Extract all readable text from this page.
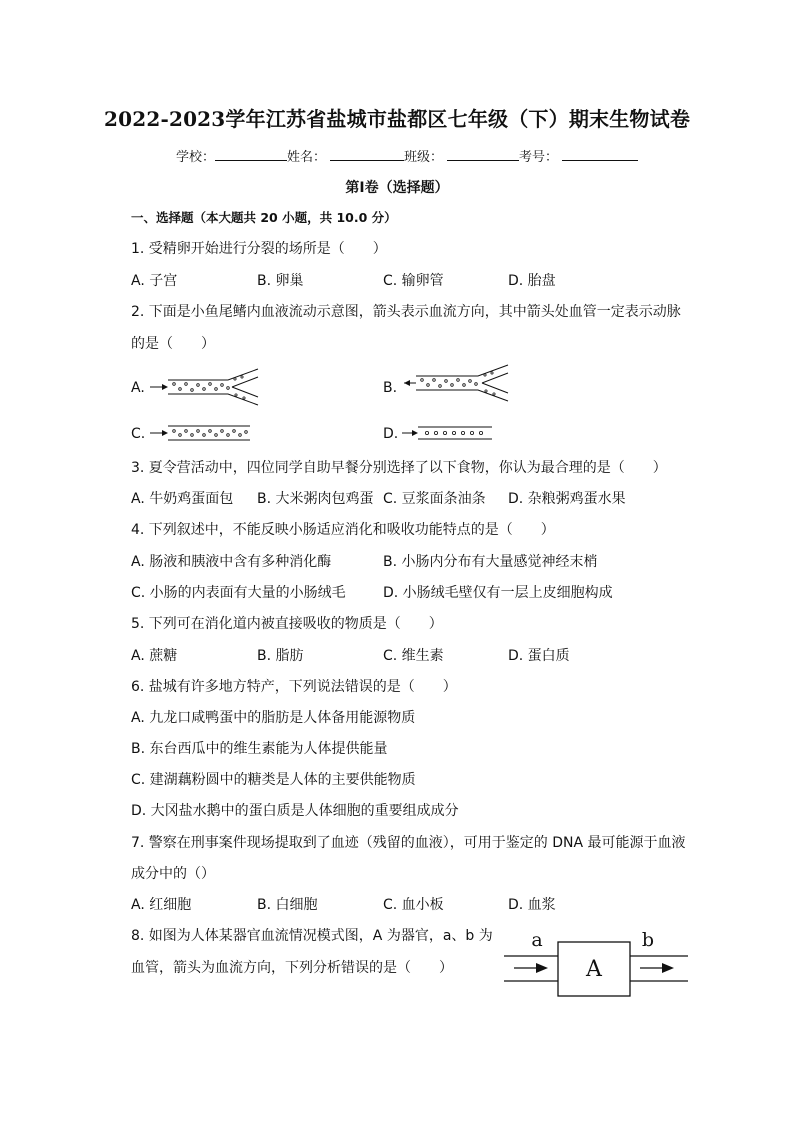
2022-2023学年江苏省盐城市盐都区七年级（下）期末生物试卷
学校：	姓名：	班级：	考号：
第I卷（选择题）
一、选择题（本大题共 20 小题，共 10.0 分）
1. 受精卵开始进行分裂的场所是（　　）
A. 子宫	B. 卵巢	C. 输卵管	D. 胎盘
2. 下面是小鱼尾鳍内血液流动示意图，箭头表示血流方向，其中箭头处血管一定表示动脉
的是（　　）
A.	B.
C.	D.
3. 夏令营活动中，四位同学自助早餐分别选择了以下食物，你认为最合理的是（　　）
A. 牛奶鸡蛋面包 B. 大米粥肉包鸡蛋 C. 豆浆面条油条 D. 杂粮粥鸡蛋水果
4. 下列叙述中，不能反映小肠适应消化和吸收功能特点的是（　　）
A. 肠液和胰液中含有多种消化酶	B. 小肠内分布有大量感觉神经末梢
C. 小肠的内表面有大量的小肠绒毛	D. 小肠绒毛壁仅有一层上皮细胞构成
5. 下列可在消化道内被直接吸收的物质是（　　）
A. 蔗糖	B. 脂肪	C. 维生素	D. 蛋白质
6. 盐城有许多地方特产，下列说法错误的是（　　）
A. 九龙口咸鸭蛋中的脂肪是人体备用能源物质
B. 东台西瓜中的维生素能为人体提供能量
C. 建湖藕粉圆中的糖类是人体的主要供能物质
D. 大冈盐水鹅中的蛋白质是人体细胞的重要组成成分
7. 警察在刑事案件现场提取到了血迹（残留的血液），可用于鉴定的 DNA 最可能源于血液
成分中的（）
A. 红细胞	B. 白细胞	C. 血小板	D. 血浆
8. 如图为人体某器官血流情况模式图，A 为器官，a、b 为
血管，箭头为血流方向，下列分析错误的是（　　）
a	b
A
